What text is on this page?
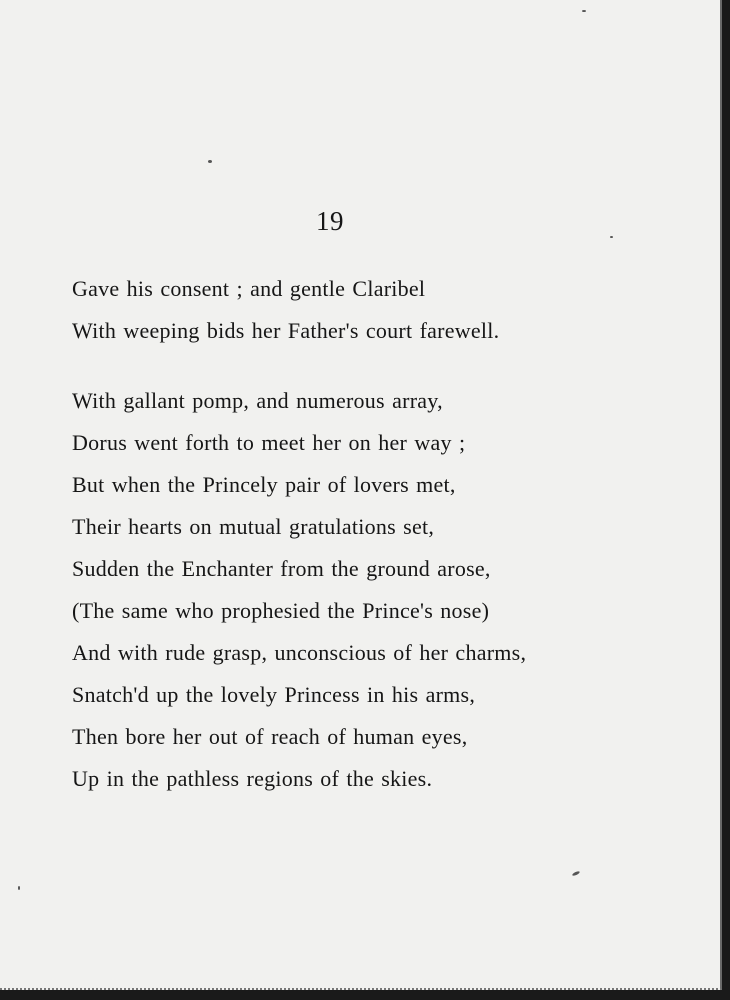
19
Gave his consent ; and gentle Claribel
With weeping bids her Father's court farewell.
With gallant pomp, and numerous array,
Dorus went forth to meet her on her way ;
But when the Princely pair of lovers met,
Their hearts on mutual gratulations set,
Sudden the Enchanter from the ground arose,
(The same who prophesied the Prince's nose)
And with rude grasp, unconscious of her charms,
Snatch'd up the lovely Princess in his arms,
Then bore her out of reach of human eyes,
Up in the pathless regions of the skies.
